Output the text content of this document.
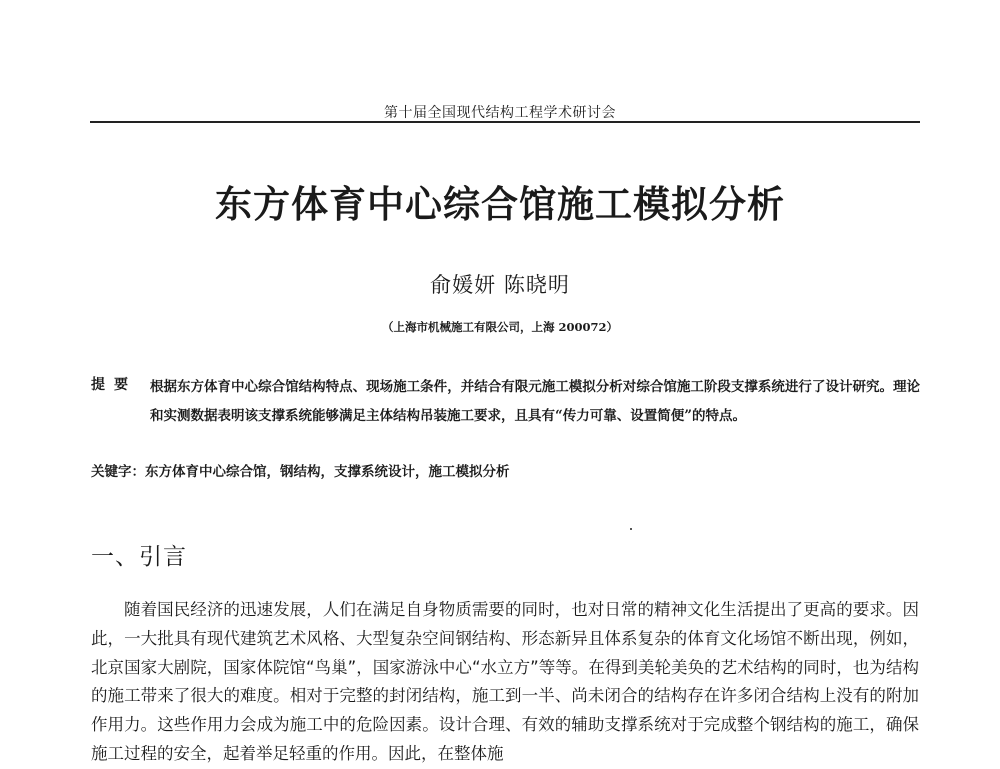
第十届全国现代结构工程学术研讨会
东方体育中心综合馆施工模拟分析
俞媛妍 陈晓明
（上海市机械施工有限公司，上海 200072）
提要 根据东方体育中心综合馆结构特点、现场施工条件，并结合有限元施工模拟分析对综合馆施工阶段支撑系统进行了设计研究。理论和实测数据表明该支撑系统能够满足主体结构吊装施工要求，且具有“传力可靠、设置简便”的特点。
关键字：东方体育中心综合馆，钢结构，支撑系统设计，施工模拟分析
一、引言

随着国民经济的迅速发展，人们在满足自身物质需要的同时，也对日常的精神文化生活提出了更高的要求。因此，一大批具有现代建筑艺术风格、大型复杂空间钢结构、形态新异且体系复杂的体育文化场馆不断出现，例如，北京国家大剧院，国家体院馆“鸟巢”，国家游泳中心“水立方”等等。在得到美轮美奂的艺术结构的同时，也为结构的施工带来了很大的难度。相对于完整的封闭结构，施工到一半、尚未闭合的结构存在许多闭合结构上没有的附加作用力。这些作用力会成为施工中的危险因素。设计合理、有效的辅助支撑系统对于完成整个钢结构的施工，确保施工过程的安全，起着举足轻重的作用。因此，在整体施
